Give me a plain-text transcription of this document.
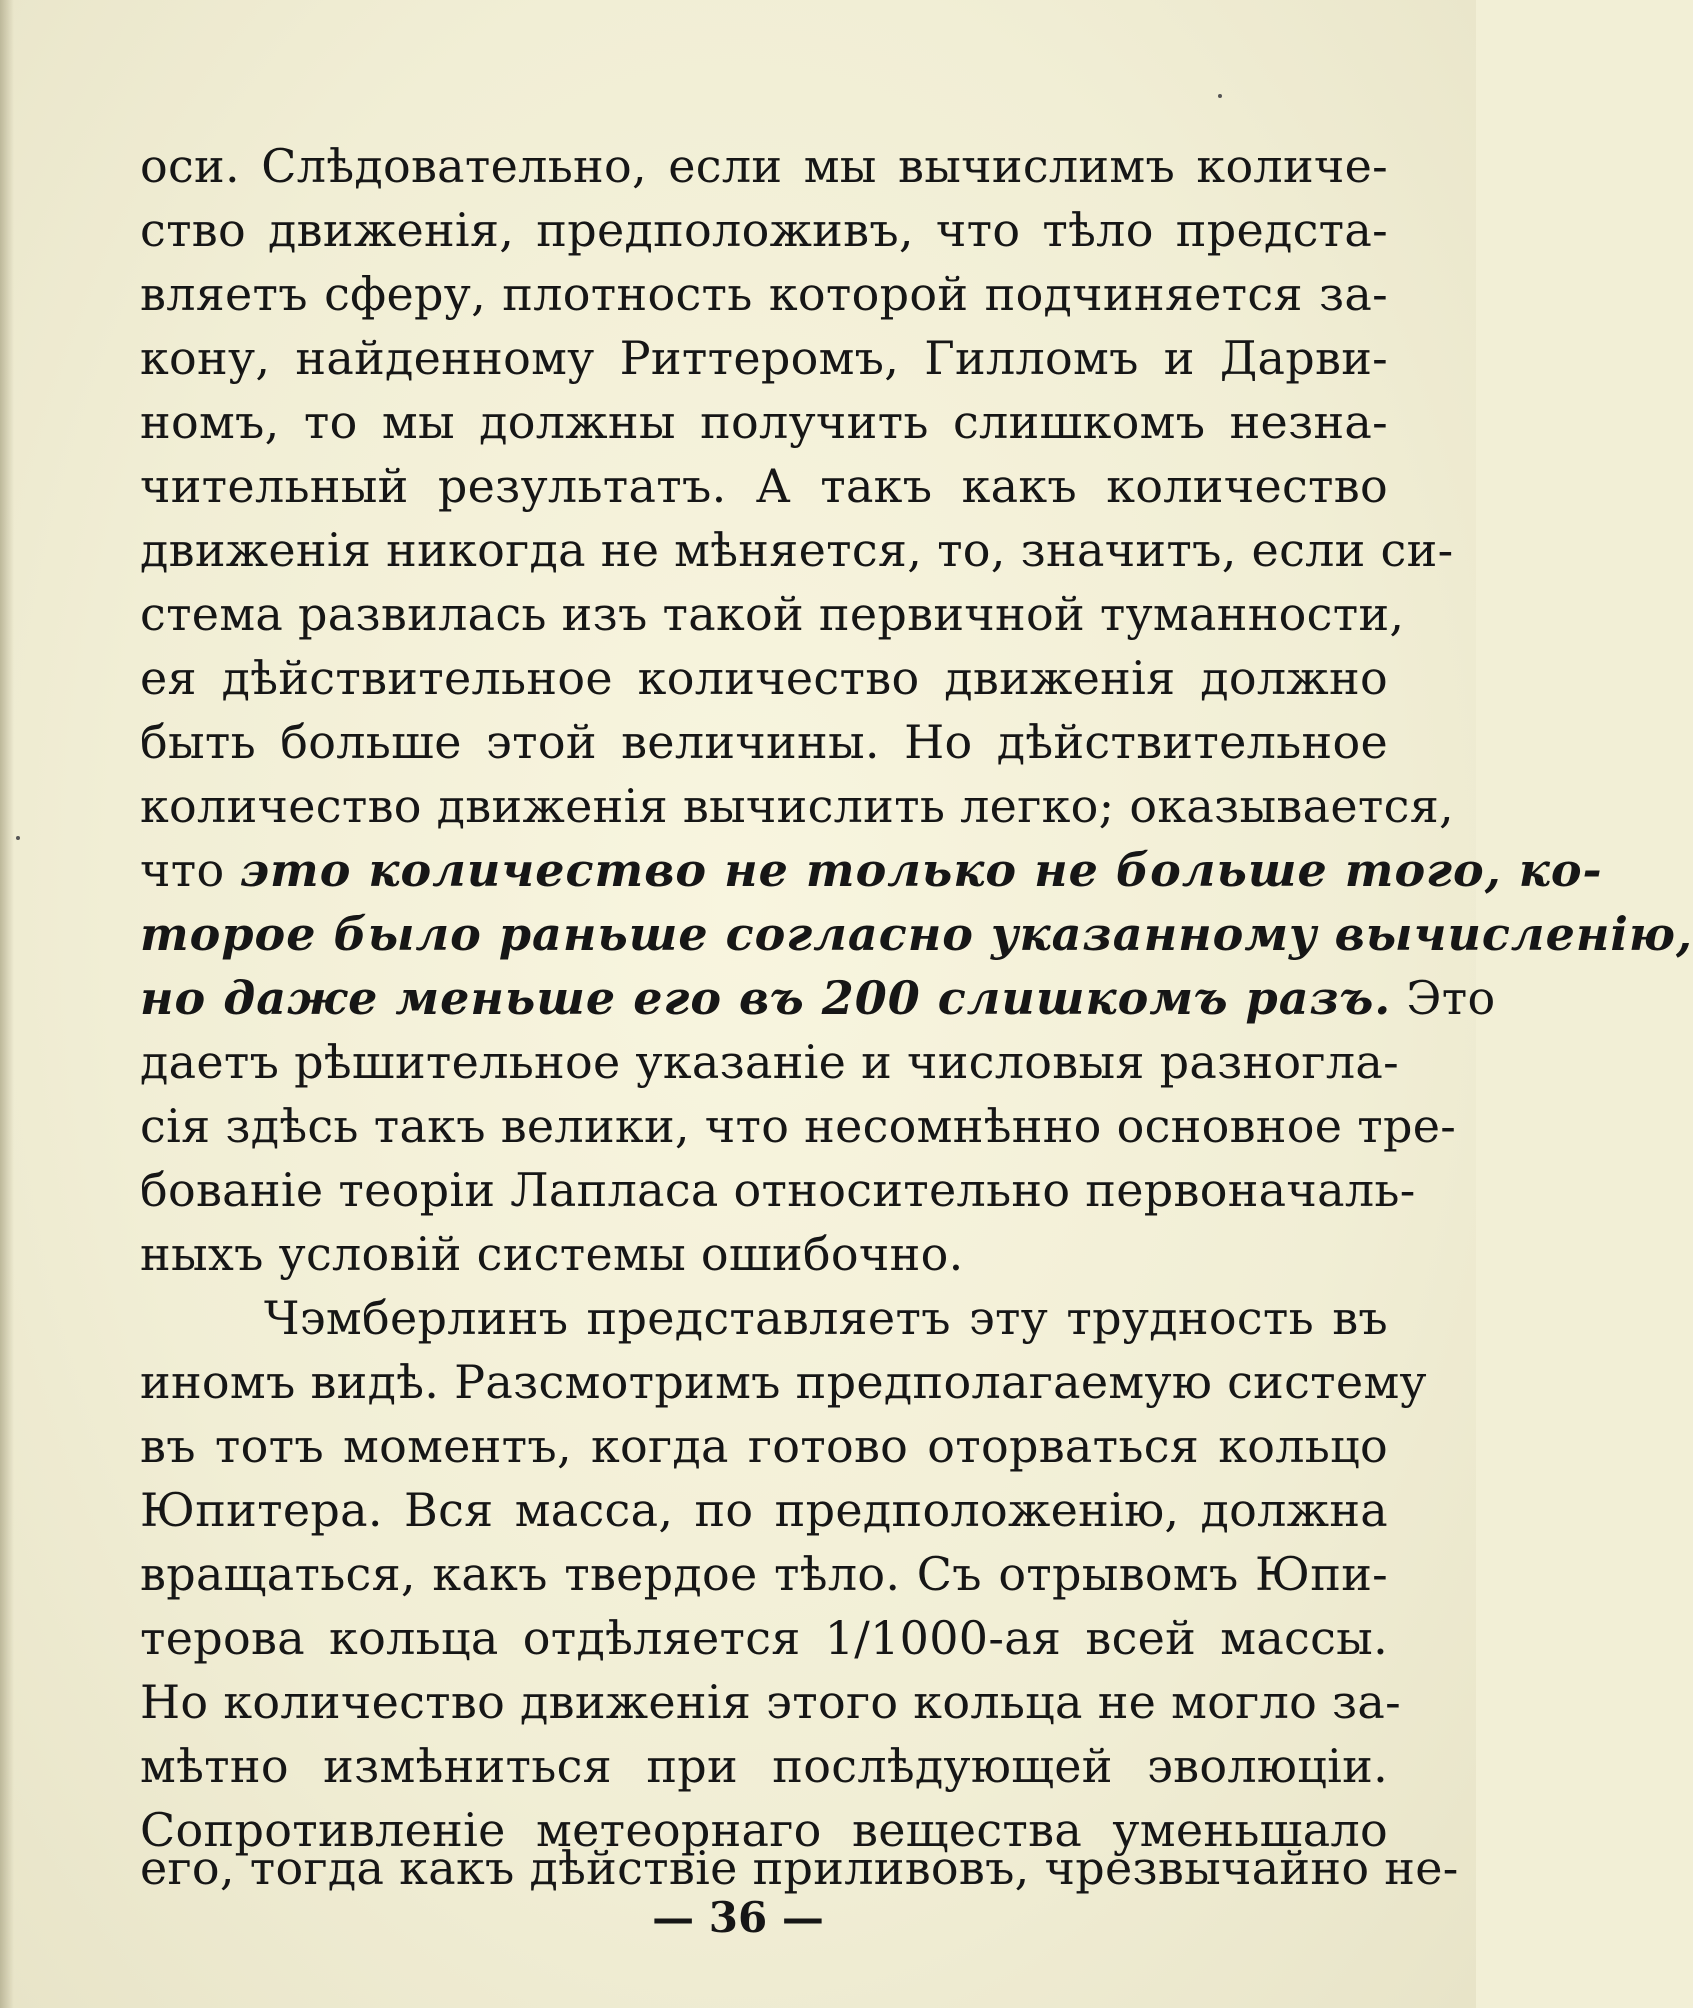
оси. Слѣдовательно, если мы вычислимъ количе-
ство движенія, предположивъ, что тѣло предста-
вляетъ сферу, плотность которой подчиняется за-
кону, найденному Риттеромъ, Гилломъ и Дарви-
номъ, то мы должны получить слишкомъ незна-
чительный результатъ. А такъ какъ количество
движенія никогда не мѣняется, то, значитъ, если си-
стема развилась изъ такой первичной туманности,
ея дѣйствительное количество движенія должно
быть больше этой величины. Но дѣйствительное
количество движенія вычислить легко; оказывается,
что это количество не только не больше того, ко-
торое было раньше согласно указанному вычисленію,
но даже меньше его въ 200 слишкомъ разъ. Это
даетъ рѣшительное указаніе и числовыя разногла-
сія здѣсь такъ велики, что несомнѣнно основное тре-
бованіе теоріи Лапласа относительно первоначаль-
ныхъ условій системы ошибочно.
Чэмберлинъ представляетъ эту трудность въ
иномъ видѣ. Разсмотримъ предполагаемую систему
въ тотъ моментъ, когда готово оторваться кольцо
Юпитера. Вся масса, по предположенію, должна
вращаться, какъ твердое тѣло. Съ отрывомъ Юпи-
терова кольца отдѣляется 1/1000-ая всей массы.
Но количество движенія этого кольца не могло за-
мѣтно измѣниться при послѣдующей эволюціи.
Сопротивленіе метеорнаго вещества уменьшало
— 36 —
его, тогда какъ дѣйствіе приливовъ, чрезвычайно не-
